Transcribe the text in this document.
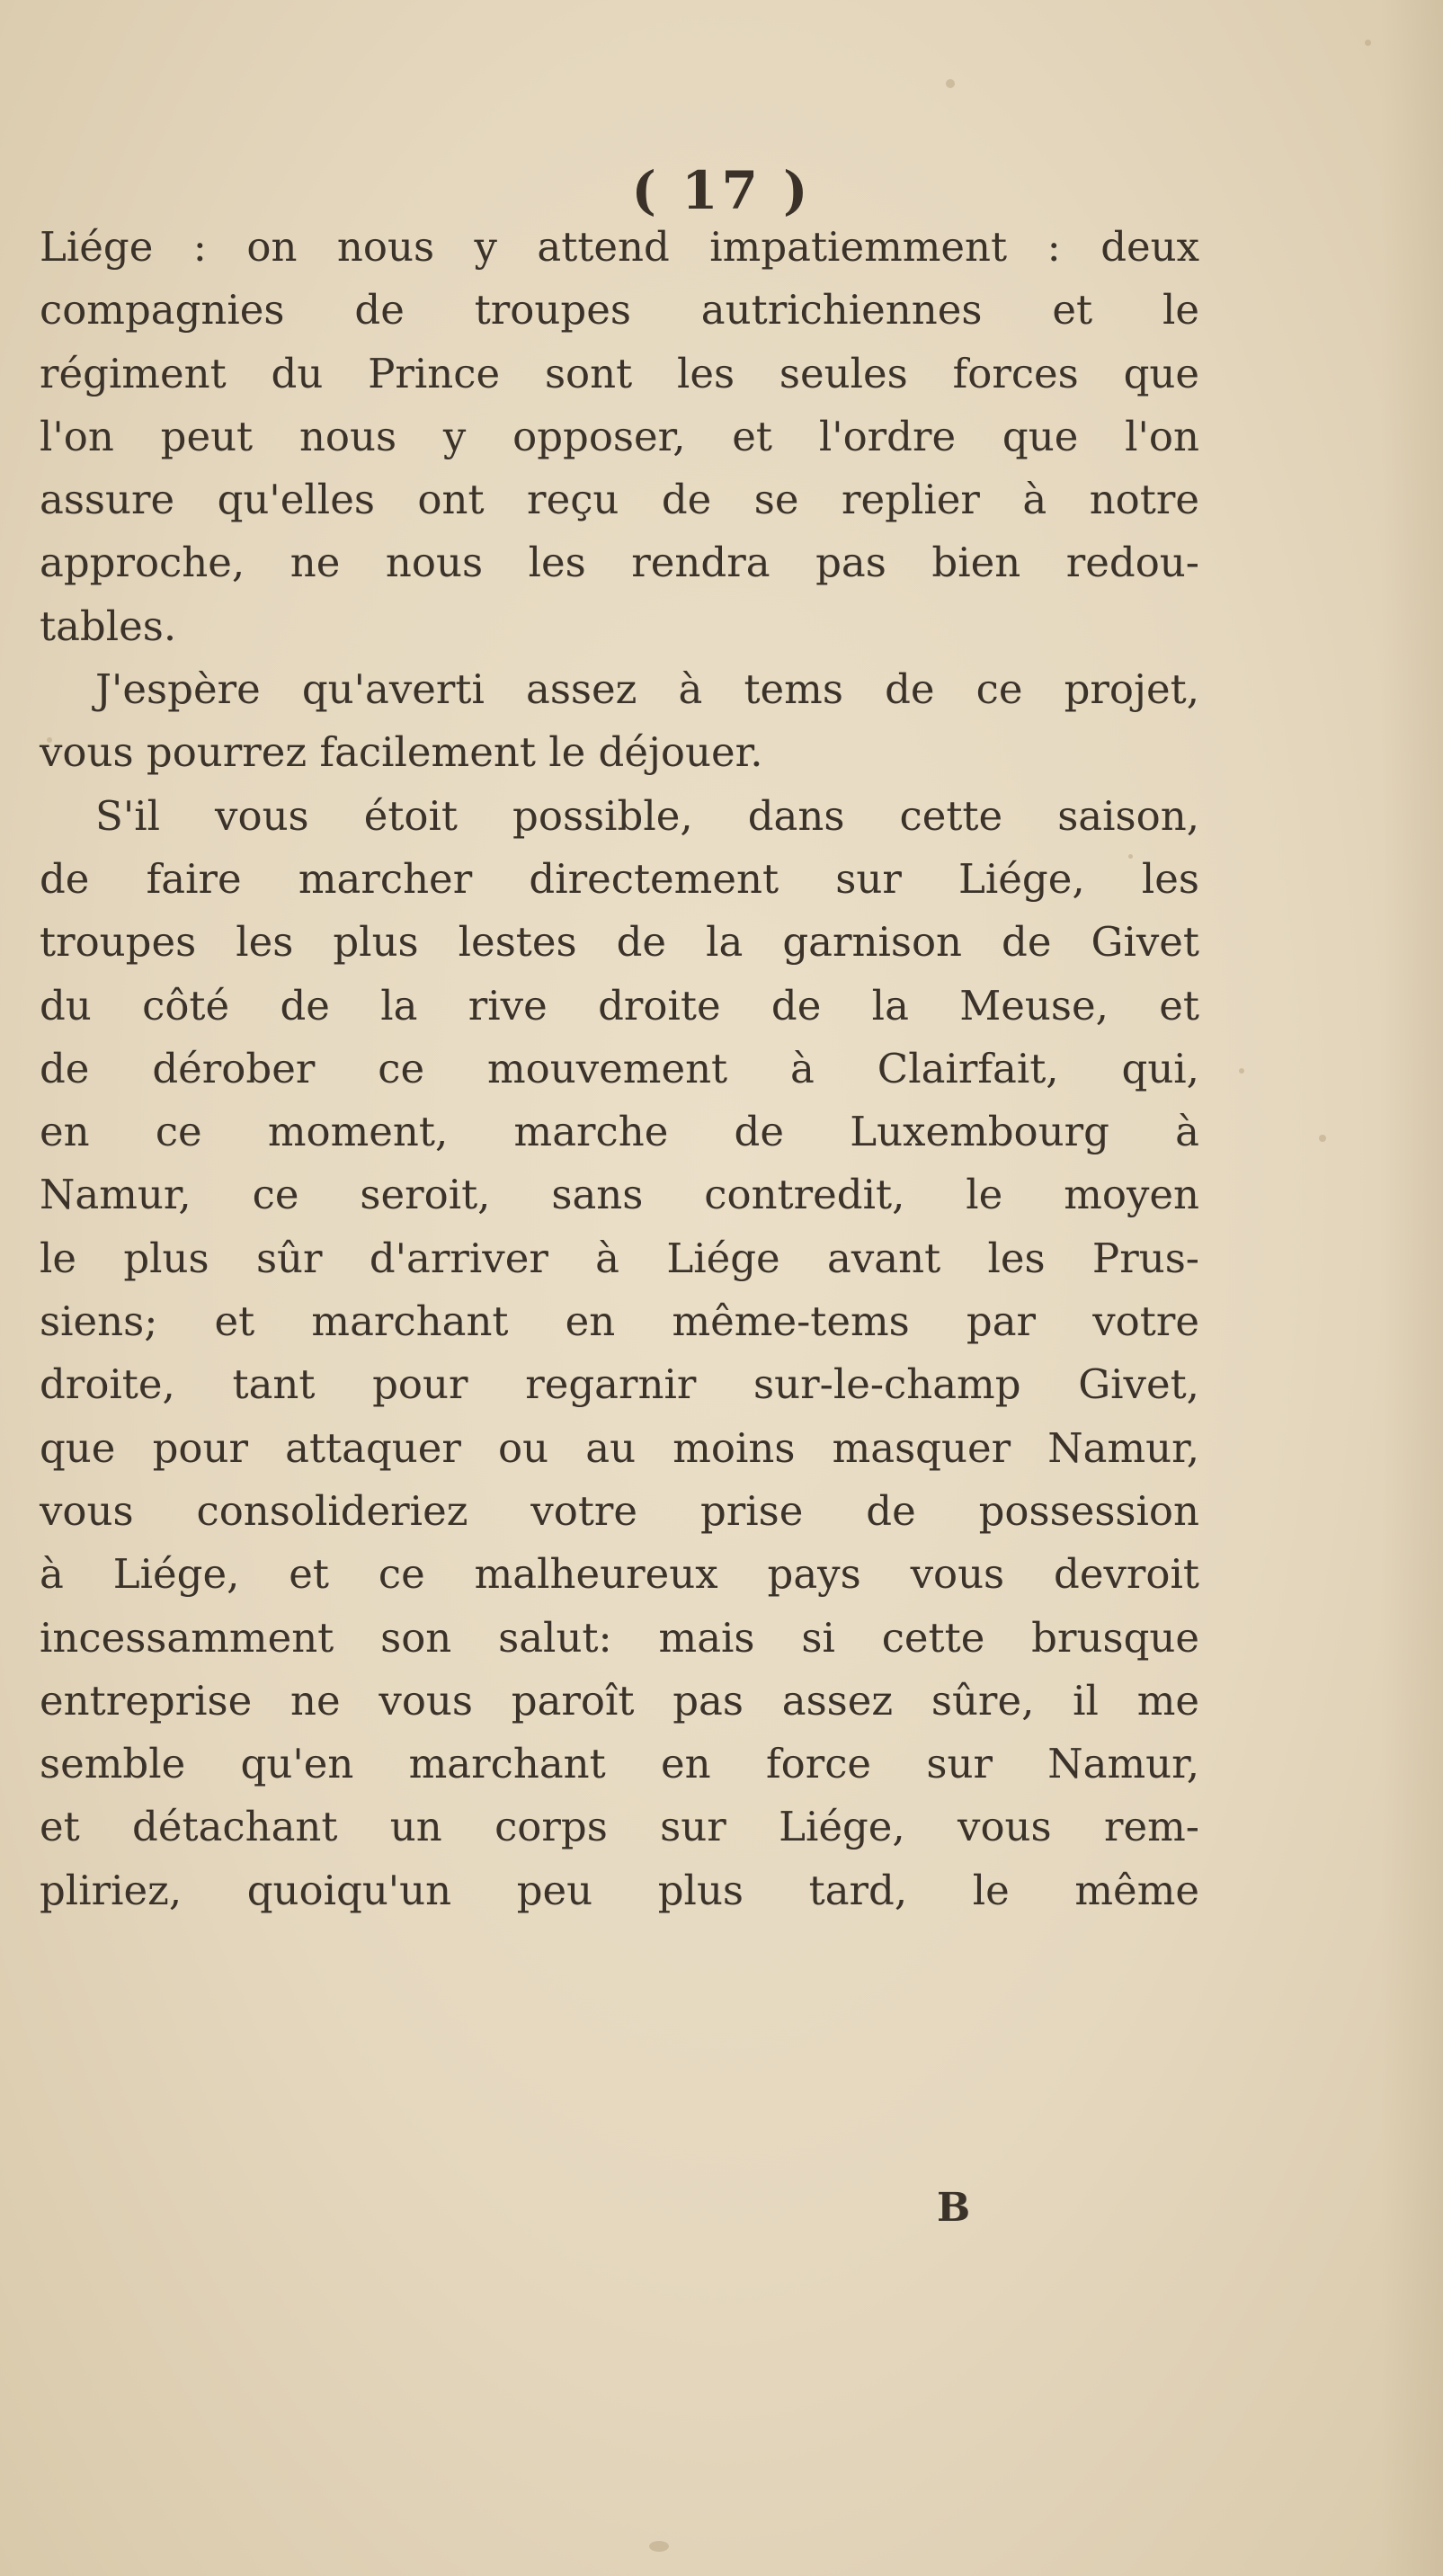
( 17 )

Liége : on nous y attend impatiemment : deux

compagnies de troupes autrichiennes et le

régiment du Prince sont les seules forces que

l'on peut nous y opposer, et l'ordre que l'on

assure qu'elles ont reçu de se replier à notre

approche, ne nous les rendra pas bien redou-

tables.

J'espère qu'averti assez à tems de ce projet,

vous pourrez facilement le déjouer.

S'il vous étoit possible, dans cette saison,

de faire marcher directement sur Liége, les

troupes les plus lestes de la garnison de Givet

du côté de la rive droite de la Meuse, et

de dérober ce mouvement à Clairfait, qui,

en ce moment, marche de Luxembourg à

Namur, ce seroit, sans contredit, le moyen

le plus sûr d'arriver à Liége avant les Prus-

siens; et marchant en même-tems par votre

droite, tant pour regarnir sur-le-champ Givet,

que pour attaquer ou au moins masquer Namur,

vous consolideriez votre prise de possession

à Liége, et ce malheureux pays vous devroit

incessamment son salut: mais si cette brusque

entreprise ne vous paroît pas assez sûre, il me

semble qu'en marchant en force sur Namur,

et détachant un corps sur Liége, vous rem-

pliriez, quoiqu'un peu plus tard, le même

B
